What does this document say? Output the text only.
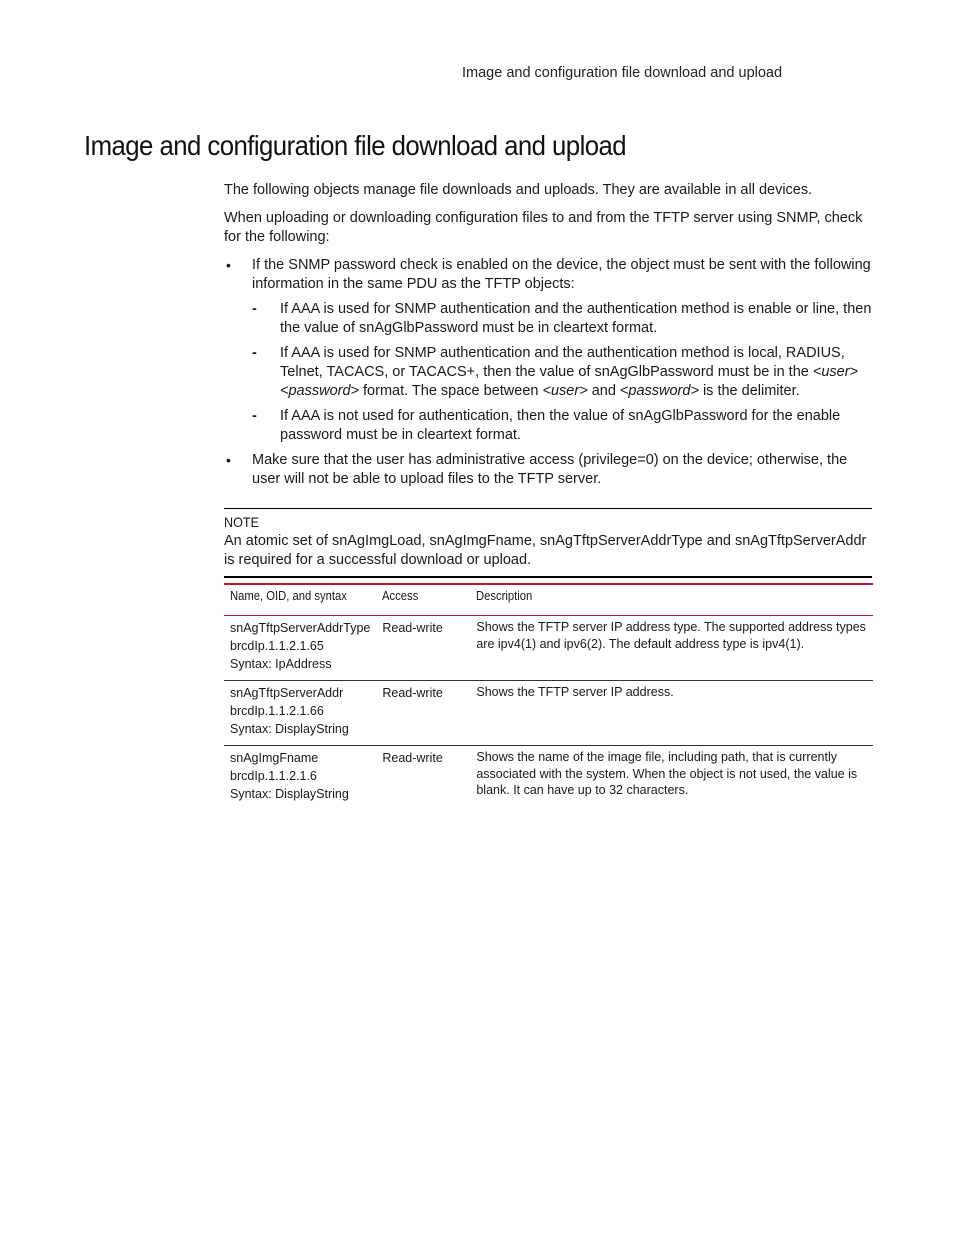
Image and configuration file download and upload
Image and configuration file download and upload

The following objects manage file downloads and uploads. They are available in all devices.

When uploading or downloading configuration files to and from the TFTP server using SNMP, check for the following:

• If the SNMP password check is enabled on the device, the object must be sent with the following information in the same PDU as the TFTP objects:
- If AAA is used for SNMP authentication and the authentication method is enable or line, then the value of snAgGlbPassword must be in cleartext format.
- If AAA is used for SNMP authentication and the authentication method is local, RADIUS, Telnet, TACACS, or TACACS+, then the value of snAgGlbPassword must be in the <user> <password> format. The space between <user> and <password> is the delimiter.
- If AAA is not used for authentication, then the value of snAgGlbPassword for the enable password must be in cleartext format.
• Make sure that the user has administrative access (privilege=0) on the device; otherwise, the user will not be able to upload files to the TFTP server.
NOTE

An atomic set of snAgImgLoad, snAgImgFname, snAgTftpServerAddrType and snAgTftpServerAddr is required for a successful download or upload.

Name, OID, and syntax	Access	Description

snAgTftpServerAddrType
brcdIp.1.1.2.1.65
Syntax: IpAddress	Read-write	Shows the TFTP server IP address type. The supported address types are ipv4(1) and ipv6(2). The default address type is ipv4(1).

snAgTftpServerAddr
brcdIp.1.1.2.1.66
Syntax: DisplayString	Read-write	Shows the TFTP server IP address.

snAgImgFname
brcdIp.1.1.2.1.6
Syntax: DisplayString	Read-write	Shows the name of the image file, including path, that is currently associated with the system. When the object is not used, the value is blank. It can have up to 32 characters.
